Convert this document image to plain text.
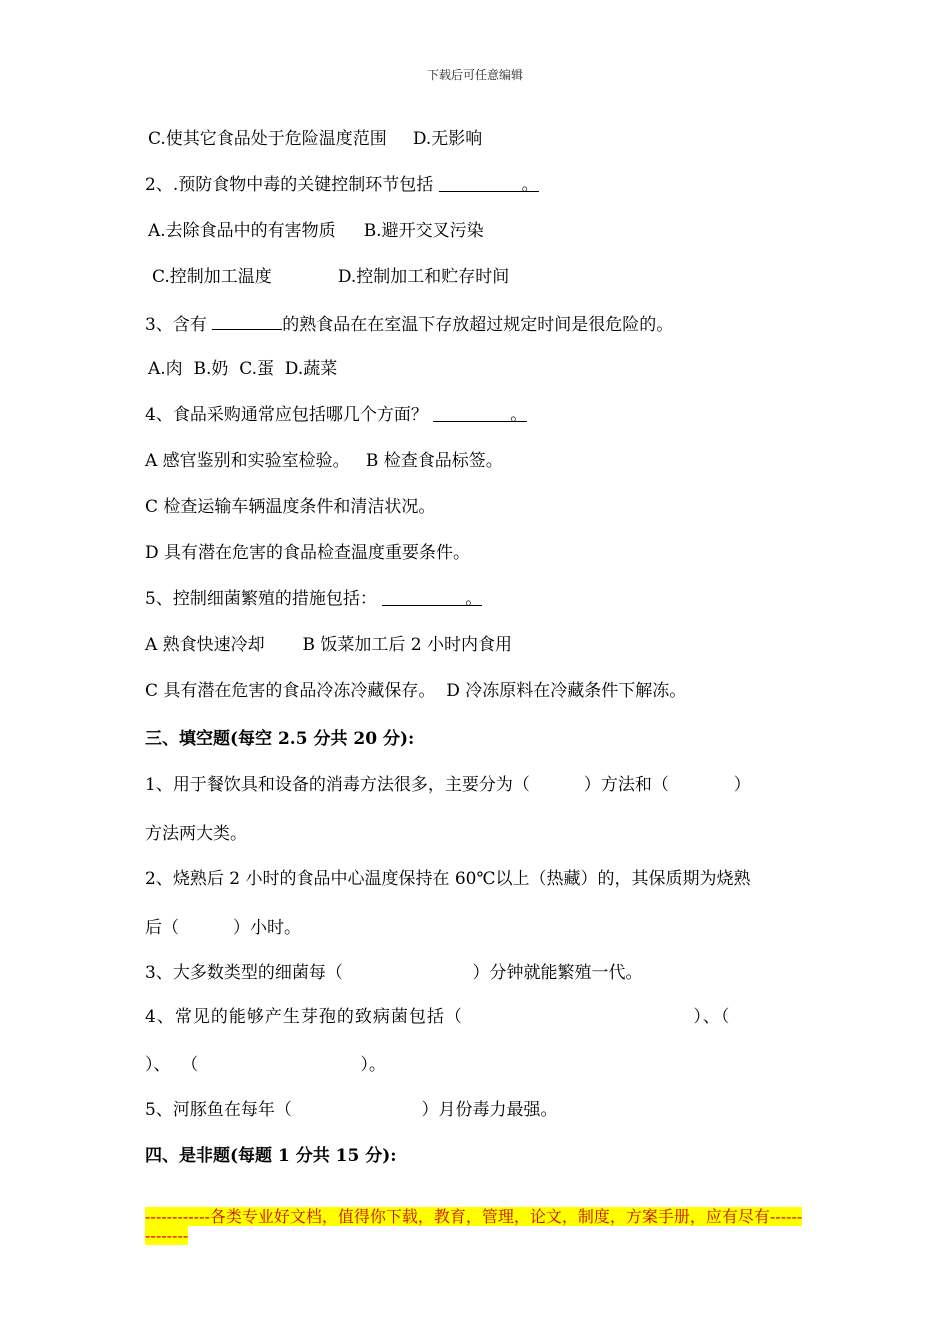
下载后可任意编辑
C.使其它食品处于危险温度范围 D.无影响
2、.预防食物中毒的关键控制环节包括	。
A.去除食品中的有害物质 B.避开交叉污染
C.控制加工温度	D.控制加工和贮存时间
3、含有	的熟食品在在室温下存放超过规定时间是很危险的。
A.肉  B.奶  C.蛋  D.蔬菜
4、食品采购通常应包括哪几个方面？	。
A 感官鉴别和实验室检验。   B 检查食品标签。
C 检查运输车辆温度条件和清洁状况。
D 具有潜在危害的食品检查温度重要条件。
5、控制细菌繁殖的措施包括：	。
A 熟食快速冷却       B 饭菜加工后 2 小时内食用
C 具有潜在危害的食品冷冻冷藏保存。  D 冷冻原料在冷藏条件下解冻。
三、填空题(每空 2.5 分共 20 分):
1、用于餐饮具和设备的消毒方法很多，主要分为（          ）方法和（            ）
方法两大类。
2、烧熟后 2 小时的食品中心温度保持在 60℃以上（热藏）的，其保质期为烧熟
后（          ）小时。
3、大多数类型的细菌每（                        ）分钟就能繁殖一代。
4、常见的能够产生芽孢的致病菌包括（                                    ）、（
）、  （                              ）。
5、河豚鱼在每年（                        ）月份毒力最强。
四、是非题(每题 1 分共 15 分):
------------各类专业好文档，值得你下载，教育，管理，论文，制度，方案手册，应有尽有--------------
